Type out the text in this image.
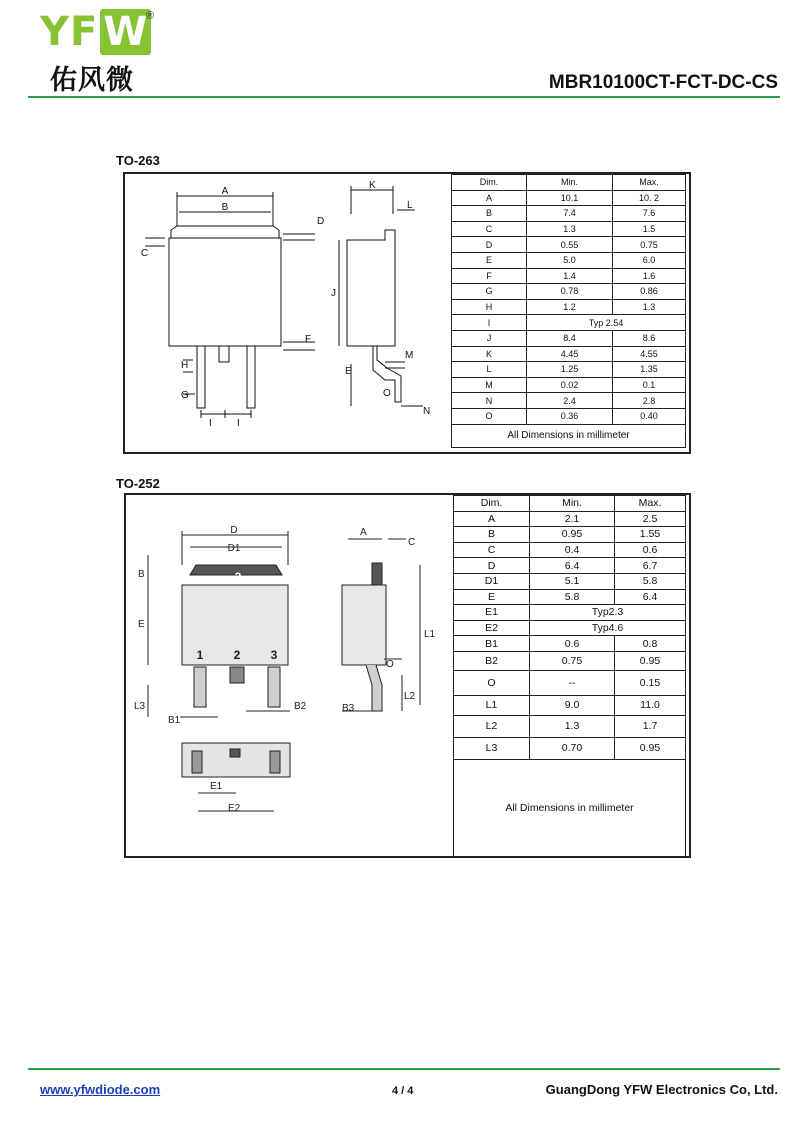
YF W
®
佑风微	MBR10100CT-FCT-DC-CS
TO-263
A
B
C
D
F
H
G
I	I
K
L
J
M
E
O
N
Dim.	Min.	Max.
A	10.1	10. 2
B	7.4	7.6
C	1.3	1.5
D	0.55	0.75
E	5.0	6.0
F	1.4	1.6
G	0.78	0.86
H	1.2	1.3
I	Typ 2.54	
J	8.4	8.6
K	4.45	4.55
L	1.25	1.35
M	0.02	0.1
N	2.4	2.8
O	0.36	0.40
All Dimensions in millimeter		
TO-252
D
D1
2
1	2	3
B
E
L3
B1
B2
E1
E2
A
C
L1
O
L2
B3
Dim.	Min.	Max.
A	2.1	2.5
B	0.95	1.55
C	0.4	0.6
D	6.4	6.7
D1	5.1	5.8
E	5.8	6.4
E1	Typ2.3	
E2	Typ4.6	
B1	0.6	0.8
B2	0.75	0.95
O	--	0.15
L1	9.0	11.0
L2	1.3	1.7
L3	0.70	0.95
All Dimensions in millimeter		
www.yfwdiode.com	4 / 4	GuangDong YFW Electronics Co, Ltd.
